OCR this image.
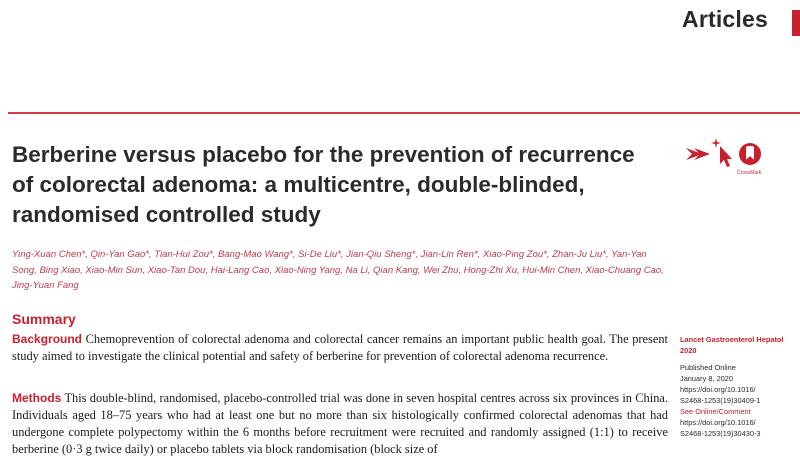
Articles
Berberine versus placebo for the prevention of recurrence of colorectal adenoma: a multicentre, double-blinded, randomised controlled study
CrossMark
Ying-Xuan Chen*, Qin-Yan Gao*, Tian-Hui Zou*, Bang-Mao Wang*, Si-De Liu*, Jian-Qiu Sheng*, Jian-Lin Ren*, Xiao-Ping Zou*, Zhan-Ju Liu*, Yan-Yan Song, Bing Xiao, Xiao-Min Sun, Xiao-Tan Dou, Hai-Lang Cao, Xiao-Ning Yang, Na Li, Qian Kang, Wei Zhu, Hong-Zhi Xu, Hui-Min Chen, Xiao-Chuang Cao, Jing-Yuan Fang
Summary
Background Chemoprevention of colorectal adenoma and colorectal cancer remains an important public health goal. The present study aimed to investigate the clinical potential and safety of berberine for prevention of colorectal adenoma recurrence.
Methods This double-blind, randomised, placebo-controlled trial was done in seven hospital centres across six provinces in China. Individuals aged 18–75 years who had at least one but no more than six histologically confirmed colorectal adenomas that had undergone complete polypectomy within the 6 months before recruitment were recruited and randomly assigned (1:1) to receive berberine (0·3 g twice daily) or placebo tablets via block randomisation (block size of
Lancet Gastroenterol Hepatol 2020
Published Online
January 8, 2020
https://doi.org/10.1016/
S2468-1253(19)30409-1
See Online/Comment
https://doi.org/10.1016/
S2468-1253(19)30430-3
